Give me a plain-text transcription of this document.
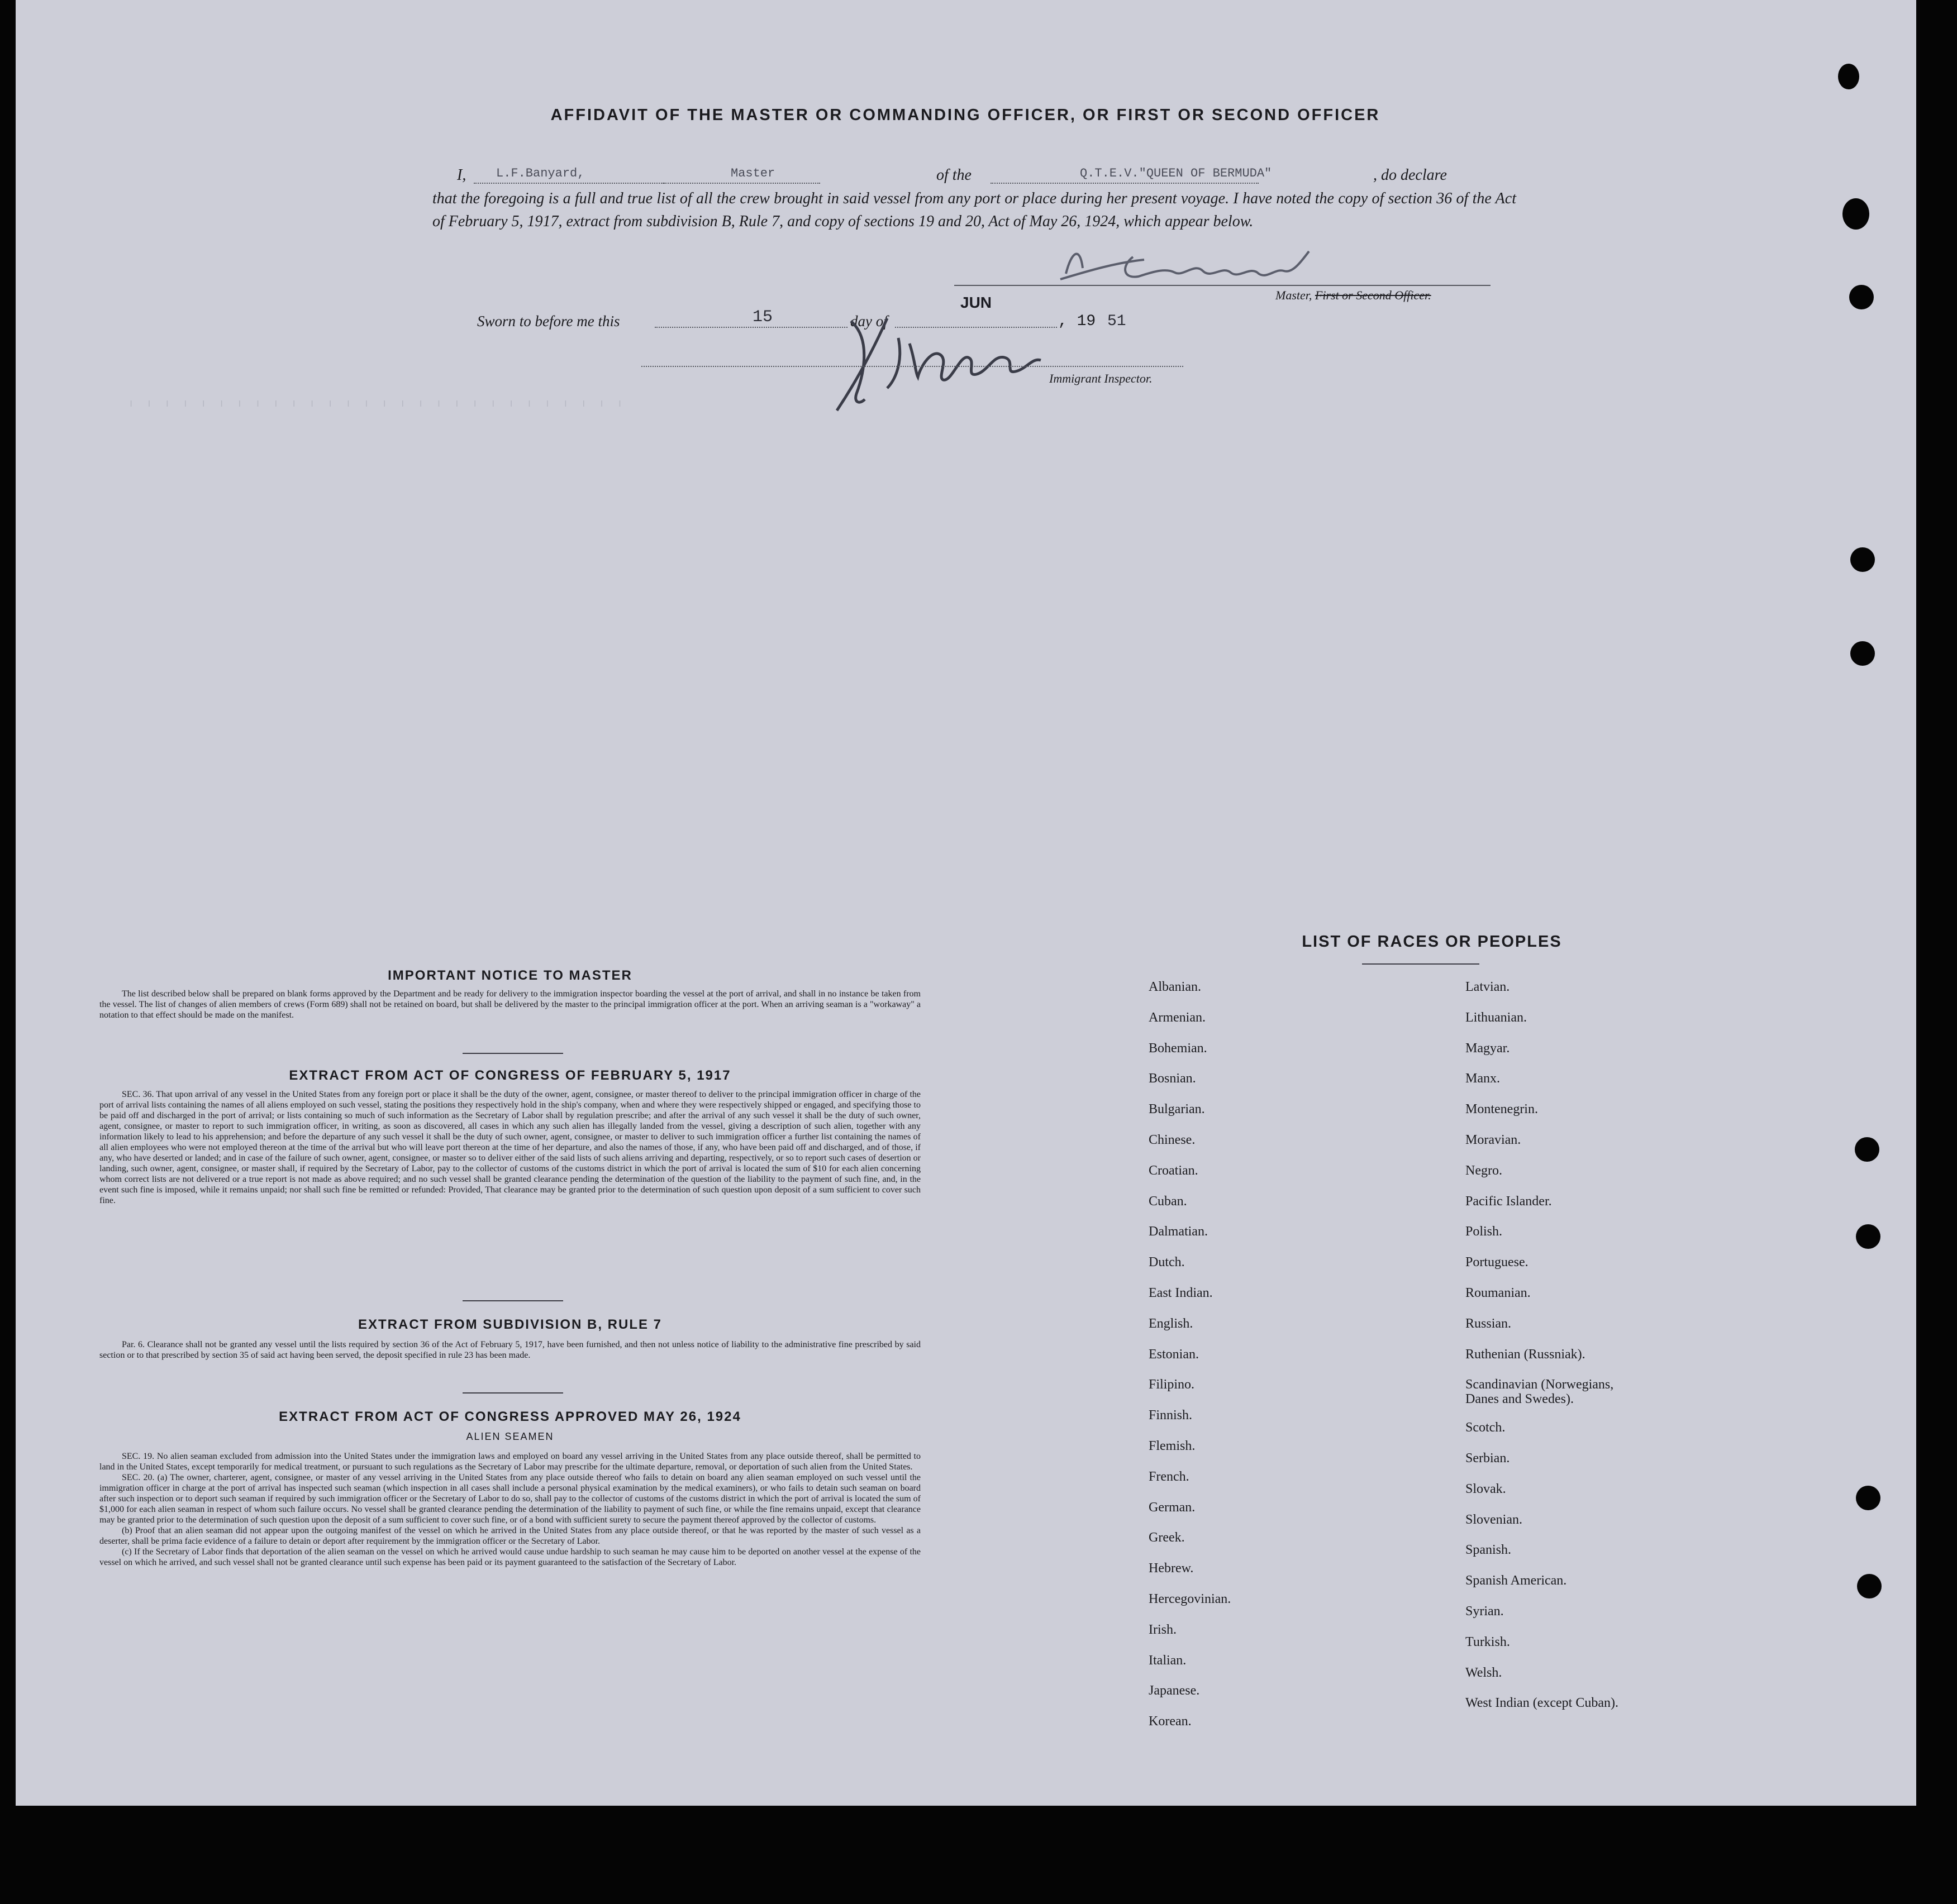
ᴵ ᴵ ᴵ ᴵ ᴵ ᴵ ᴵ ᴵ ᴵ ᴵ ᴵ ᴵ ᴵ ᴵ ᴵ ᴵ ᴵ ᴵ ᴵ ᴵ ᴵ ᴵ ᴵ ᴵ ᴵ ᴵ ᴵ ᴵ
AFFIDAVIT OF THE MASTER OR COMMANDING OFFICER, OR FIRST OR SECOND OFFICER
I,	L.F.Banyard,	Master	of the	Q.T.E.V."QUEEN OF BERMUDA"	, do declare
that the foregoing is a full and true list of all the crew brought in said vessel from any port or place during her present voyage. I have noted the copy of section 36 of the Act of February 5, 1917, extract from subdivision B, Rule 7, and copy of sections 19 and 20, Act of May 26, 1924, which appear below.
L.F.Banyard
Master, First or Second Officer.
Sworn to before me this	15	day of
JUN
, 19 51
Singer
Immigrant Inspector.
IMPORTANT NOTICE TO MASTER
The list described below shall be prepared on blank forms approved by the Department and be ready for delivery to the immigration inspector boarding the vessel at the port of arrival, and shall in no instance be taken from the vessel. The list of changes of alien members of crews (Form 689) shall not be retained on board, but shall be delivered by the master to the principal immigration officer at the port. When an arriving seaman is a "workaway" a notation to that effect should be made on the manifest.
EXTRACT FROM ACT OF CONGRESS OF FEBRUARY 5, 1917
SEC. 36. That upon arrival of any vessel in the United States from any foreign port or place it shall be the duty of the owner, agent, consignee, or master thereof to deliver to the principal immigration officer in charge of the port of arrival lists containing the names of all aliens employed on such vessel, stating the positions they respectively hold in the ship's company, when and where they were respectively shipped or engaged, and specifying those to be paid off and discharged in the port of arrival; or lists containing so much of such information as the Secretary of Labor shall by regulation prescribe; and after the arrival of any such vessel it shall be the duty of such owner, agent, consignee, or master to report to such immigration officer, in writing, as soon as discovered, all cases in which any such alien has illegally landed from the vessel, giving a description of such alien, together with any information likely to lead to his apprehension; and before the departure of any such vessel it shall be the duty of such owner, agent, consignee, or master to deliver to such immigration officer a further list containing the names of all alien employees who were not employed thereon at the time of the arrival but who will leave port thereon at the time of her departure, and also the names of those, if any, who have been paid off and discharged, and of those, if any, who have deserted or landed; and in case of the failure of such owner, agent, consignee, or master so to deliver either of the said lists of such aliens arriving and departing, respectively, or so to report such cases of desertion or landing, such owner, agent, consignee, or master shall, if required by the Secretary of Labor, pay to the collector of customs of the customs district in which the port of arrival is located the sum of $10 for each alien concerning whom correct lists are not delivered or a true report is not made as above required; and no such vessel shall be granted clearance pending the determination of the question of the liability to the payment of such fine, and, in the event such fine is imposed, while it remains unpaid; nor shall such fine be remitted or refunded: Provided, That clearance may be granted prior to the determination of such question upon deposit of a sum sufficient to cover such fine.
EXTRACT FROM SUBDIVISION B, RULE 7
Par. 6. Clearance shall not be granted any vessel until the lists required by section 36 of the Act of February 5, 1917, have been furnished, and then not unless notice of liability to the administrative fine prescribed by said section or to that prescribed by section 35 of said act having been served, the deposit specified in rule 23 has been made.
EXTRACT FROM ACT OF CONGRESS APPROVED MAY 26, 1924
ALIEN SEAMEN
SEC. 19. No alien seaman excluded from admission into the United States under the immigration laws and employed on board any vessel arriving in the United States from any place outside thereof, shall be permitted to land in the United States, except temporarily for medical treatment, or pursuant to such regulations as the Secretary of Labor may prescribe for the ultimate departure, removal, or deportation of such alien from the United States.
SEC. 20. (a) The owner, charterer, agent, consignee, or master of any vessel arriving in the United States from any place outside thereof who fails to detain on board any alien seaman employed on such vessel until the immigration officer in charge at the port of arrival has inspected such seaman (which inspection in all cases shall include a personal physical examination by the medical examiners), or who fails to detain such seaman on board after such inspection or to deport such seaman if required by such immigration officer or the Secretary of Labor to do so, shall pay to the collector of customs of the customs district in which the port of arrival is located the sum of $1,000 for each alien seaman in respect of whom such failure occurs. No vessel shall be granted clearance pending the determination of the liability to payment of such fine, or while the fine remains unpaid, except that clearance may be granted prior to the determination of such question upon the deposit of a sum sufficient to cover such fine, or of a bond with sufficient surety to secure the payment thereof approved by the collector of customs.
(b) Proof that an alien seaman did not appear upon the outgoing manifest of the vessel on which he arrived in the United States from any place outside thereof, or that he was reported by the master of such vessel as a deserter, shall be prima facie evidence of a failure to detain or deport after requirement by the immigration officer or the Secretary of Labor.
(c) If the Secretary of Labor finds that deportation of the alien seaman on the vessel on which he arrived would cause undue hardship to such seaman he may cause him to be deported on another vessel at the expense of the vessel on which he arrived, and such vessel shall not be granted clearance until such expense has been paid or its payment guaranteed to the satisfaction of the Secretary of Labor.
LIST OF RACES OR PEOPLES
Albanian.
Armenian.
Bohemian.
Bosnian.
Bulgarian.
Chinese.
Croatian.
Cuban.
Dalmatian.
Dutch.
East Indian.
English.
Estonian.
Filipino.
Finnish.
Flemish.
French.
German.
Greek.
Hebrew.
Hercegovinian.
Irish.
Italian.
Japanese.
Korean.
Latvian.
Lithuanian.
Magyar.
Manx.
Montenegrin.
Moravian.
Negro.
Pacific Islander.
Polish.
Portuguese.
Roumanian.
Russian.
Ruthenian (Russniak).
Scandinavian (Norwegians,
Danes and Swedes).
Scotch.
Serbian.
Slovak.
Slovenian.
Spanish.
Spanish American.
Syrian.
Turkish.
Welsh.
West Indian (except Cuban).
